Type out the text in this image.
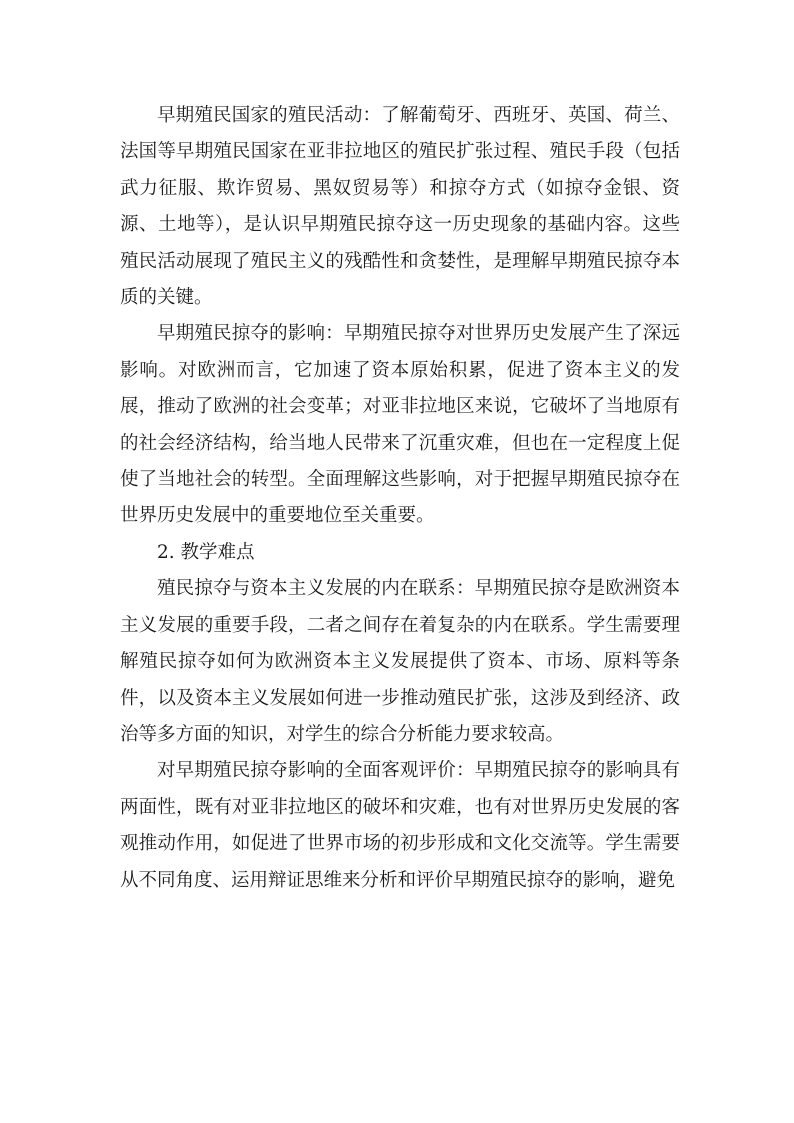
早期殖民国家的殖民活动：了解葡萄牙、西班牙、英国、荷兰、法国等早期殖民国家在亚非拉地区的殖民扩张过程、殖民手段（包括武力征服、欺诈贸易、黑奴贸易等）和掠夺方式（如掠夺金银、资源、土地等），是认识早期殖民掠夺这一历史现象的基础内容。这些殖民活动展现了殖民主义的残酷性和贪婪性，是理解早期殖民掠夺本质的关键。

早期殖民掠夺的影响：早期殖民掠夺对世界历史发展产生了深远影响。对欧洲而言，它加速了资本原始积累，促进了资本主义的发展，推动了欧洲的社会变革；对亚非拉地区来说，它破坏了当地原有的社会经济结构，给当地人民带来了沉重灾难，但也在一定程度上促使了当地社会的转型。全面理解这些影响，对于把握早期殖民掠夺在世界历史发展中的重要地位至关重要。

2. 教学难点

殖民掠夺与资本主义发展的内在联系：早期殖民掠夺是欧洲资本主义发展的重要手段，二者之间存在着复杂的内在联系。学生需要理解殖民掠夺如何为欧洲资本主义发展提供了资本、市场、原料等条件，以及资本主义发展如何进一步推动殖民扩张，这涉及到经济、政治等多方面的知识，对学生的综合分析能力要求较高。

对早期殖民掠夺影响的全面客观评价：早期殖民掠夺的影响具有两面性，既有对亚非拉地区的破坏和灾难，也有对世界历史发展的客观推动作用，如促进了世界市场的初步形成和文化交流等。学生需要从不同角度、运用辩证思维来分析和评价早期殖民掠夺的影响，避免
